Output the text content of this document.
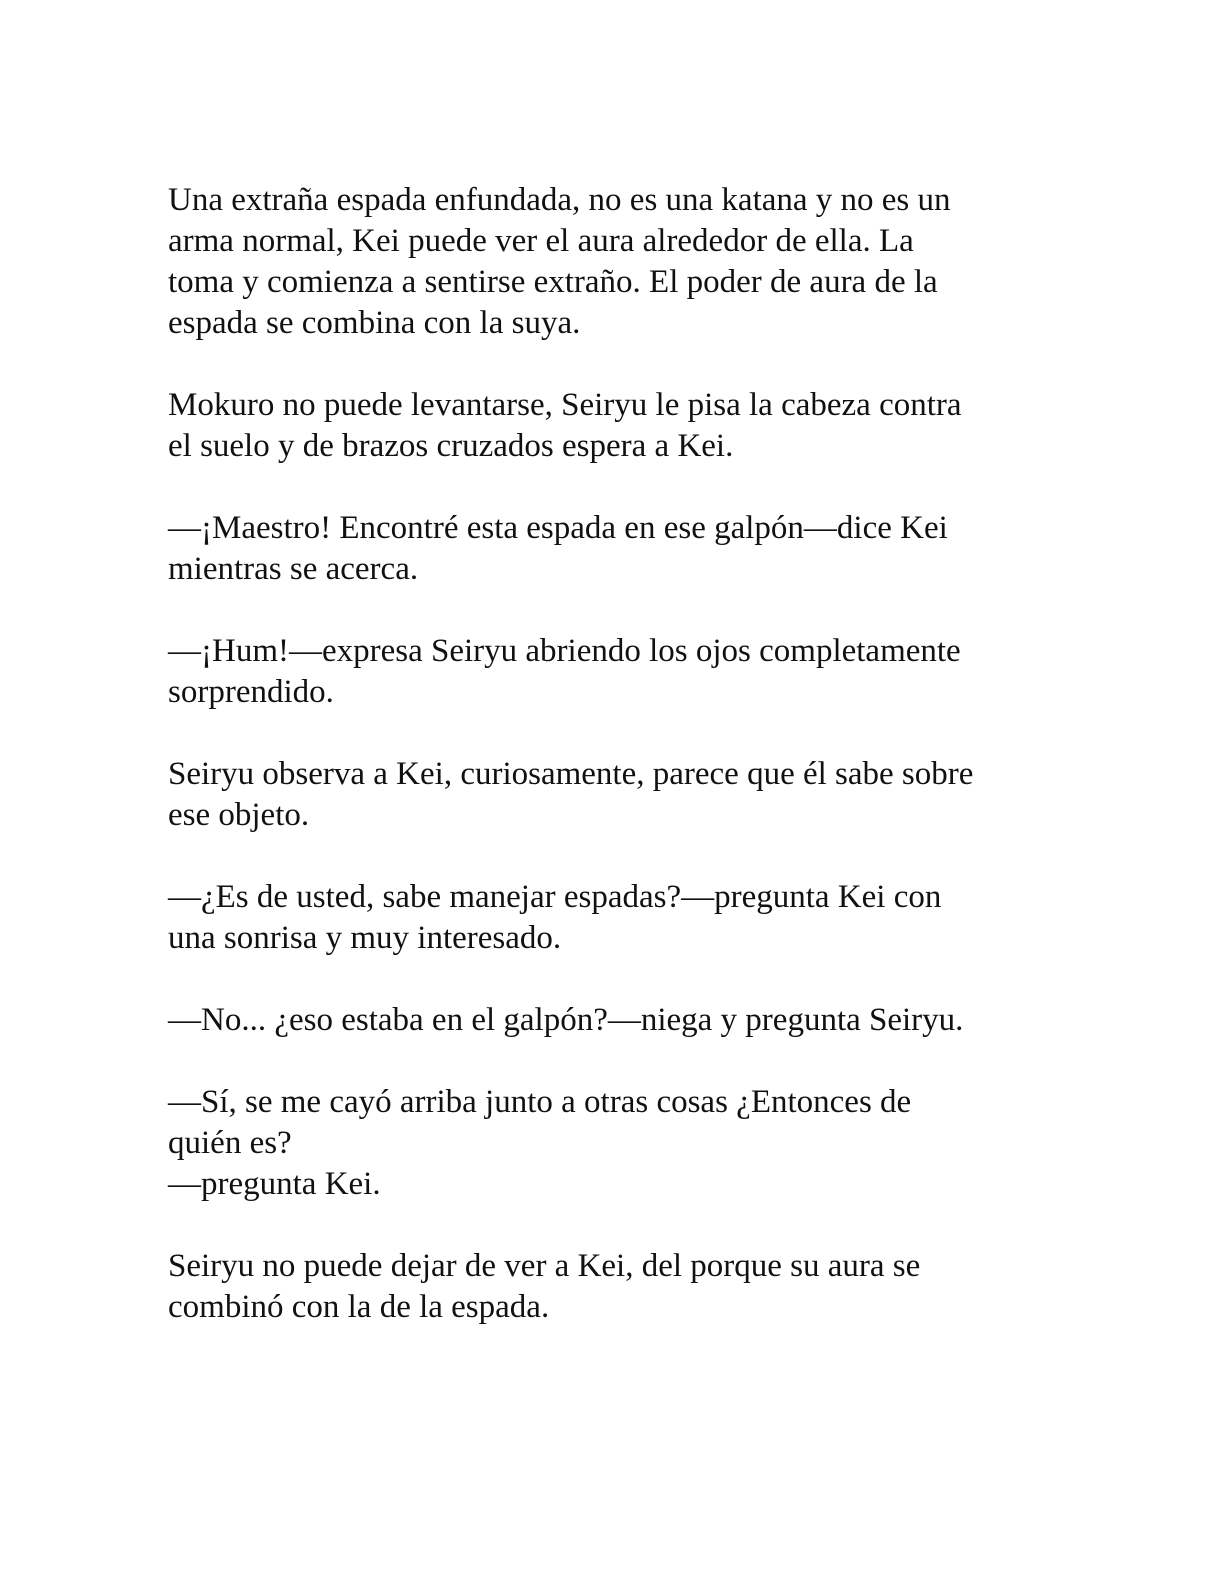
Una extraña espada enfundada, no es una katana y no es un
arma normal, Kei puede ver el aura alrededor de ella. La
toma y comienza a sentirse extraño. El poder de aura de la
espada se combina con la suya.

Mokuro no puede levantarse, Seiryu le pisa la cabeza contra
el suelo y de brazos cruzados espera a Kei.

—¡Maestro! Encontré esta espada en ese galpón—dice Kei
mientras se acerca.

—¡Hum!—expresa Seiryu abriendo los ojos completamente
sorprendido.

Seiryu observa a Kei, curiosamente, parece que él sabe sobre
ese objeto.

—¿Es de usted, sabe manejar espadas?—pregunta Kei con
una sonrisa y muy interesado.

—No... ¿eso estaba en el galpón?—niega y pregunta Seiryu.

—Sí, se me cayó arriba junto a otras cosas ¿Entonces de
quién es?
—pregunta Kei.

Seiryu no puede dejar de ver a Kei, del porque su aura se
combinó con la de la espada.
